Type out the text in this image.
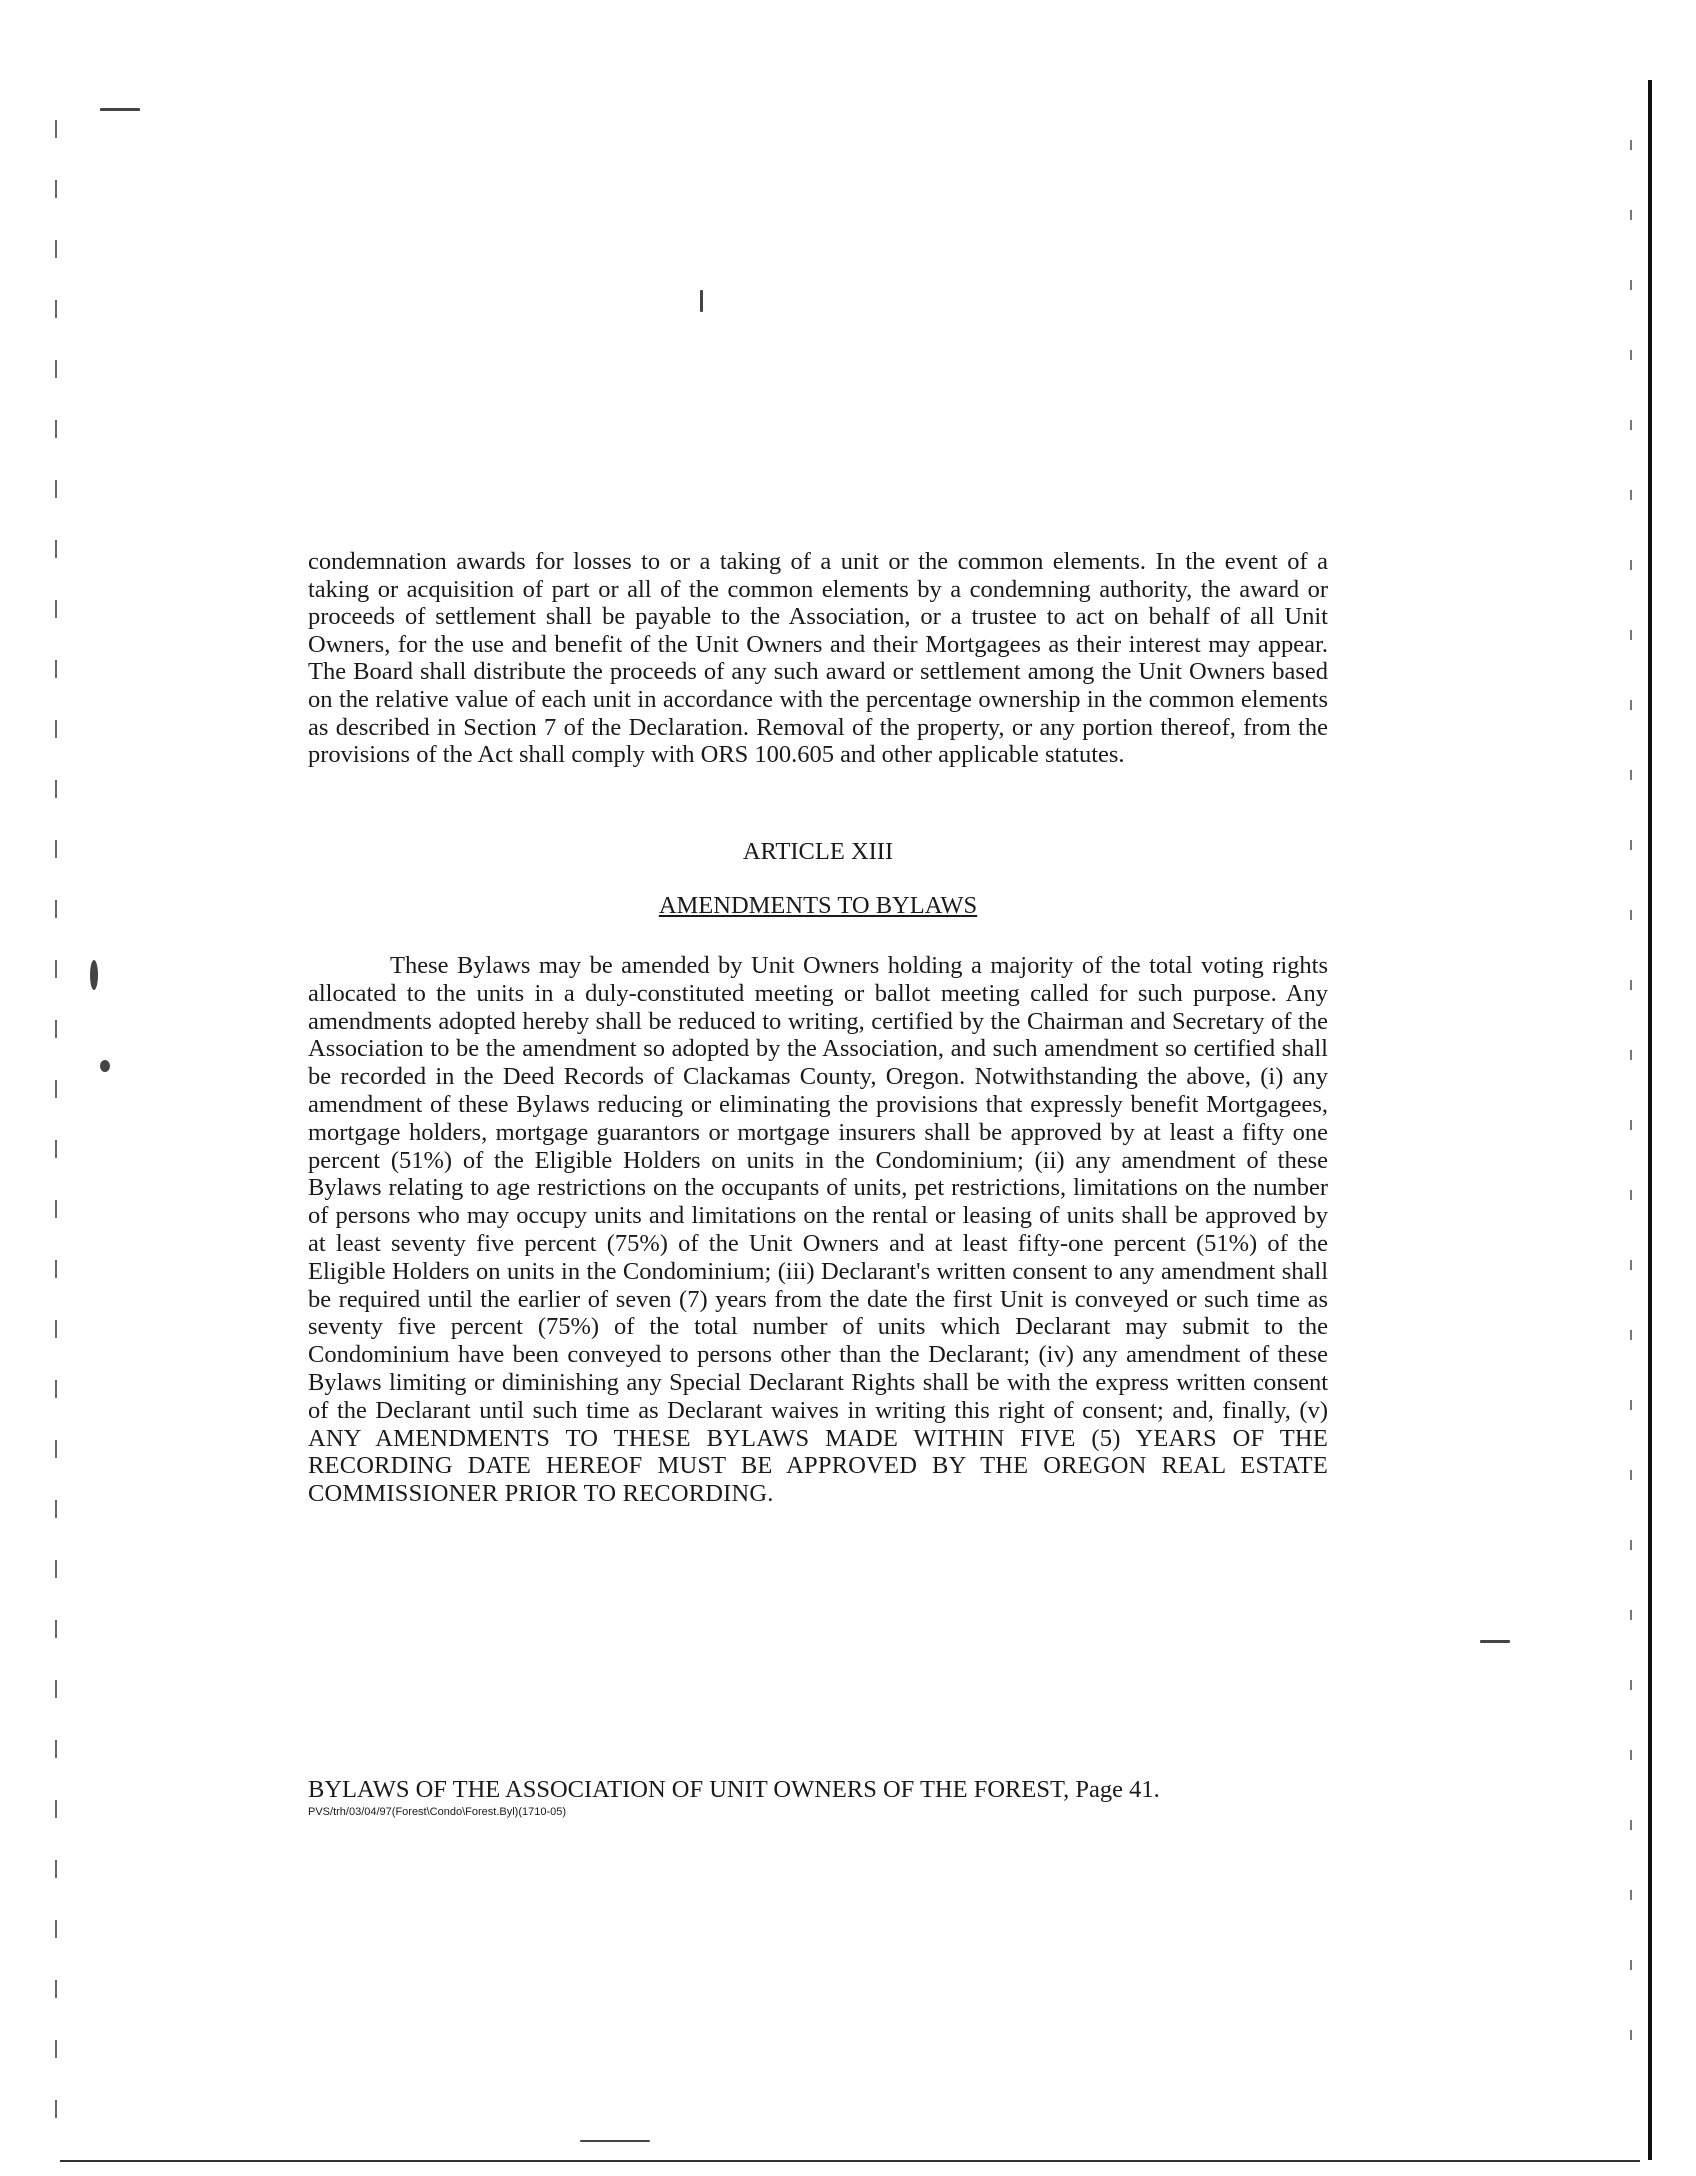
condemnation awards for losses to or a taking of a unit or the common elements. In the event of a taking or acquisition of part or all of the common elements by a condemning authority, the award or proceeds of settlement shall be payable to the Association, or a trustee to act on behalf of all Unit Owners, for the use and benefit of the Unit Owners and their Mortgagees as their interest may appear. The Board shall distribute the proceeds of any such award or settlement among the Unit Owners based on the relative value of each unit in accordance with the percentage ownership in the common elements as described in Section 7 of the Declaration. Removal of the property, or any portion thereof, from the provisions of the Act shall comply with ORS 100.605 and other applicable statutes.

ARTICLE XIII

AMENDMENTS TO BYLAWS

These Bylaws may be amended by Unit Owners holding a majority of the total voting rights allocated to the units in a duly-constituted meeting or ballot meeting called for such purpose. Any amendments adopted hereby shall be reduced to writing, certified by the Chairman and Secretary of the Association to be the amendment so adopted by the Association, and such amendment so certified shall be recorded in the Deed Records of Clackamas County, Oregon. Notwithstanding the above, (i) any amendment of these Bylaws reducing or eliminating the provisions that expressly benefit Mortgagees, mortgage holders, mortgage guarantors or mortgage insurers shall be approved by at least a fifty one percent (51%) of the Eligible Holders on units in the Condominium; (ii) any amendment of these Bylaws relating to age restrictions on the occupants of units, pet restrictions, limitations on the number of persons who may occupy units and limitations on the rental or leasing of units shall be approved by at least seventy five percent (75%) of the Unit Owners and at least fifty-one percent (51%) of the Eligible Holders on units in the Condominium; (iii) Declarant's written consent to any amendment shall be required until the earlier of seven (7) years from the date the first Unit is conveyed or such time as seventy five percent (75%) of the total number of units which Declarant may submit to the Condominium have been conveyed to persons other than the Declarant; (iv) any amendment of these Bylaws limiting or diminishing any Special Declarant Rights shall be with the express written consent of the Declarant until such time as Declarant waives in writing this right of consent; and, finally, (v) ANY AMENDMENTS TO THESE BYLAWS MADE WITHIN FIVE (5) YEARS OF THE RECORDING DATE HEREOF MUST BE APPROVED BY THE OREGON REAL ESTATE COMMISSIONER PRIOR TO RECORDING.

BYLAWS OF THE ASSOCIATION OF UNIT OWNERS OF THE FOREST, Page 41.

PVS/trh/03/04/97(Forest\Condo\Forest.Byl)(1710-05)
